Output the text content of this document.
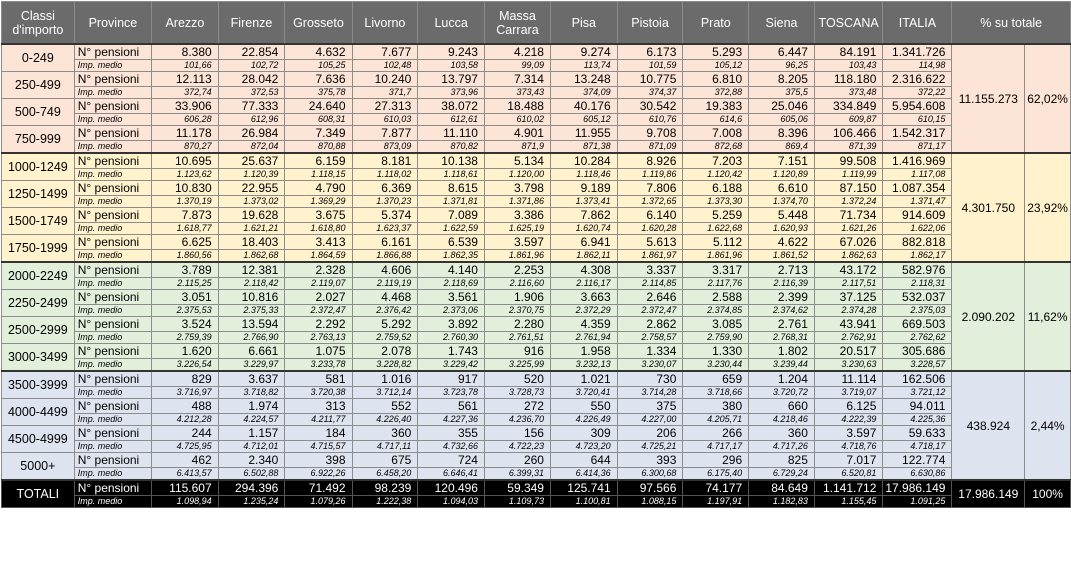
Classi d'importo	Province	Arezzo	Firenze	Grosseto	Livorno	Lucca	Massa Carrara	Pisa	Pistoia	Prato	Siena	TOSCANA	ITALIA	% su totale	
0-249	N° pensioni	8.380	22.854	4.632	7.677	9.243	4.218	9.274	6.173	5.293	6.447	84.191	1.341.726	11.155.273	62,02%
	Imp. medio	101,66	102,72	105,25	102,48	103,58	99,09	113,74	101,59	105,12	96,25	103,43	114,98		
250-499	N° pensioni	12.113	28.042	7.636	10.240	13.797	7.314	13.248	10.775	6.810	8.205	118.180	2.316.622		
	Imp. medio	372,74	372,53	375,78	371,7	373,96	373,43	374,09	374,37	372,88	375,5	373,48	372,22		
500-749	N° pensioni	33.906	77.333	24.640	27.313	38.072	18.488	40.176	30.542	19.383	25.046	334.849	5.954.608		
	Imp. medio	606,28	612,96	608,31	610,03	612,61	610,02	605,12	610,76	614,6	605,06	609,87	610,15		
750-999	N° pensioni	11.178	26.984	7.349	7.877	11.110	4.901	11.955	9.708	7.008	8.396	106.466	1.542.317		
	Imp. medio	870,27	872,04	870,88	873,09	870,82	871,9	871,38	871,09	872,68	869,4	871,39	871,17		
1000-1249	N° pensioni	10.695	25.637	6.159	8.181	10.138	5.134	10.284	8.926	7.203	7.151	99.508	1.416.969	4.301.750	23,92%
	Imp. medio	1.123,62	1.120,39	1.118,15	1.118,02	1.118,61	1.120,00	1.118,46	1.119,86	1.120,42	1.120,89	1.119,99	1.117,08		
1250-1499	N° pensioni	10.830	22.955	4.790	6.369	8.615	3.798	9.189	7.806	6.188	6.610	87.150	1.087.354		
	Imp. medio	1.370,19	1.373,02	1.369,29	1.370,23	1.371,81	1.371,86	1.373,41	1.372,65	1.373,30	1.374,70	1.372,24	1.371,47		
1500-1749	N° pensioni	7.873	19.628	3.675	5.374	7.089	3.386	7.862	6.140	5.259	5.448	71.734	914.609		
	Imp. medio	1.618,77	1.621,21	1.618,80	1.623,37	1.622,59	1.625,19	1.620,74	1.620,28	1.622,68	1.620,93	1.621,26	1.622,06		
1750-1999	N° pensioni	6.625	18.403	3.413	6.161	6.539	3.597	6.941	5.613	5.112	4.622	67.026	882.818		
	Imp. medio	1.860,56	1.862,68	1.864,59	1.866,88	1.862,35	1.861,96	1.862,11	1.861,97	1.861,96	1.861,52	1.862,63	1.862,17		
2000-2249	N° pensioni	3.789	12.381	2.328	4.606	4.140	2.253	4.308	3.337	3.317	2.713	43.172	582.976	2.090.202	11,62%
	Imp. medio	2.115,25	2.118,42	2.119,07	2.119,19	2.118,69	2.116,60	2.116,17	2.114,85	2.117,76	2.116,39	2.117,51	2.118,31		
2250-2499	N° pensioni	3.051	10.816	2.027	4.468	3.561	1.906	3.663	2.646	2.588	2.399	37.125	532.037		
	Imp. medio	2.375,53	2.375,33	2.372,47	2.376,42	2.373,06	2.370,75	2.372,29	2.372,47	2.374,85	2.374,62	2.374,28	2.375,03		
2500-2999	N° pensioni	3.524	13.594	2.292	5.292	3.892	2.280	4.359	2.862	3.085	2.761	43.941	669.503		
	Imp. medio	2.759,39	2.766,90	2.763,13	2.759,52	2.760,30	2.761,51	2.761,94	2.758,57	2.759,90	2.768,31	2.762,91	2.762,62		
3000-3499	N° pensioni	1.620	6.661	1.075	2.078	1.743	916	1.958	1.334	1.330	1.802	20.517	305.686		
	Imp. medio	3.226,54	3.229,97	3.233,78	3.228,82	3.229,42	3.225,99	3.232,13	3.230,07	3.230,44	3.239,44	3.230,63	3.228,57		
3500-3999	N° pensioni	829	3.637	581	1.016	917	520	1.021	730	659	1.204	11.114	162.506	438.924	2,44%
	Imp. medio	3.716,97	3.718,82	3.720,38	3.712,14	3.723,78	3.728,73	3.720,41	3.714,28	3.718,66	3.720,72	3.719,07	3.721,12		
4000-4499	N° pensioni	488	1.974	313	552	561	272	550	375	380	660	6.125	94.011		
	Imp. medio	4.212,28	4.224,57	4.211,77	4.226,40	4.227,36	4.236,70	4.226,49	4.227,00	4.205,71	4.218,46	4.222,39	4.225,36		
4500-4999	N° pensioni	244	1.157	184	360	355	156	309	206	266	360	3.597	59.633		
	Imp. medio	4.725,95	4.712,01	4.715,57	4.717,11	4.732,66	4.722,23	4.723,20	4.725,21	4.717,17	4.717,26	4.718,76	4.718,17		
5000+	N° pensioni	462	2.340	398	675	724	260	644	393	296	825	7.017	122.774		
	Imp. medio	6.413,57	6.502,88	6.922,26	6.458,20	6.646,41	6.399,31	6.414,36	6.300,68	6.175,40	6.729,24	6.520,81	6.630,86		
TOTALI	N° pensioni	115.607	294.396	71.492	98.239	120.496	59.349	125.741	97.566	74.177	84.649	1.141.712	17.986.149	17.986.149	100%
	Imp. medio	1.098,94	1.235,24	1.079,26	1.222,38	1.094,03	1.109,73	1.100,81	1.088,15	1.197,91	1.182,83	1.155,45	1.091,25		
